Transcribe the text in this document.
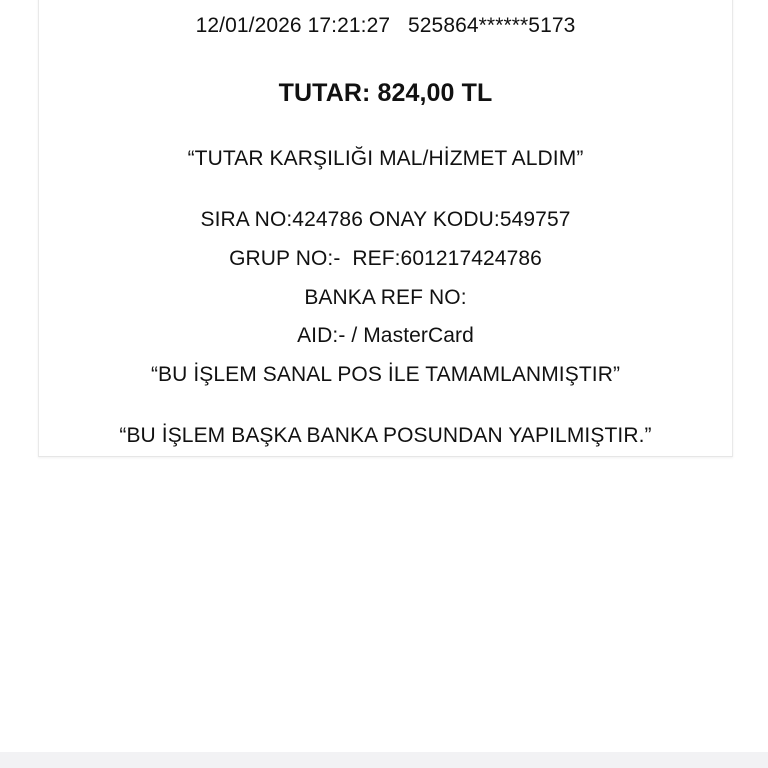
12/01/2026 17:21:27 525864******5173
TUTAR: 824,00 TL
“TUTAR KARŞILIĞI MAL/HİZMET ALDIM”
SIRA NO:424786 ONAY KODU:549757
GRUP NO:-  REF:601217424786
BANKA REF NO:
AID:- / MasterCard
“BU İŞLEM SANAL POS İLE TAMAMLANMIŞTIR”
“BU İŞLEM BAŞKA BANKA POSUNDAN YAPILMIŞTIR.”
